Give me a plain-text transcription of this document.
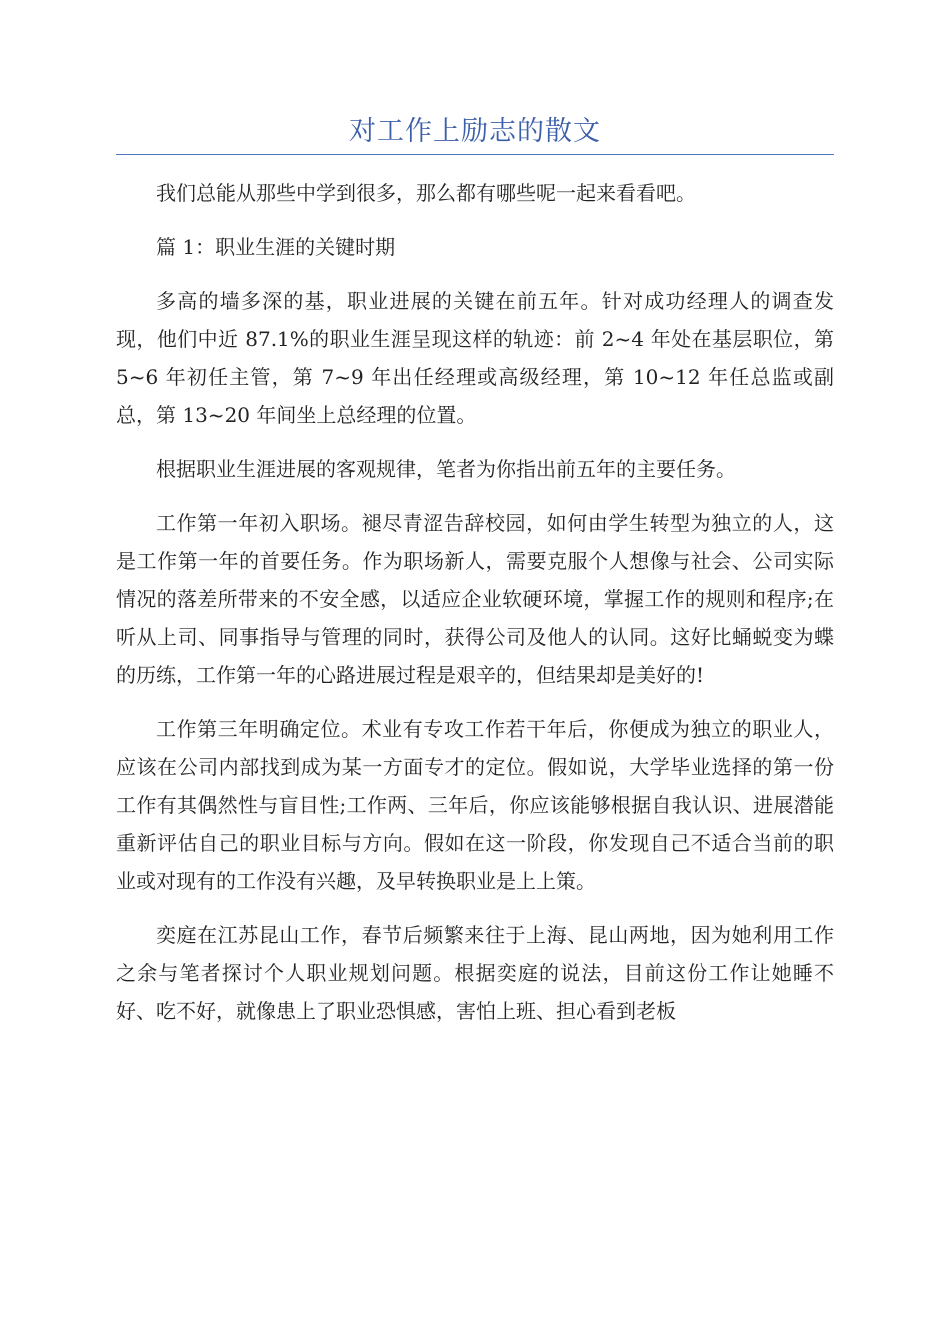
对工作上励志的散文

我们总能从那些中学到很多，那么都有哪些呢一起来看看吧。

篇 1：职业生涯的关键时期

多高的墙多深的基，职业进展的关键在前五年。针对成功经理人的调查发现，他们中近 87.1%的职业生涯呈现这样的轨迹：前 2~4 年处在基层职位，第 5~6 年初任主管，第 7~9 年出任经理或高级经理，第 10~12 年任总监或副总，第 13~20 年间坐上总经理的位置。

根据职业生涯进展的客观规律，笔者为你指出前五年的主要任务。

工作第一年初入职场。褪尽青涩告辞校园，如何由学生转型为独立的人，这是工作第一年的首要任务。作为职场新人，需要克服个人想像与社会、公司实际情况的落差所带来的不安全感，以适应企业软硬环境，掌握工作的规则和程序;在听从上司、同事指导与管理的同时，获得公司及他人的认同。这好比蛹蜕变为蝶的历练，工作第一年的心路进展过程是艰辛的，但结果却是美好的!

工作第三年明确定位。术业有专攻工作若干年后，你便成为独立的职业人，应该在公司内部找到成为某一方面专才的定位。假如说，大学毕业选择的第一份工作有其偶然性与盲目性;工作两、三年后，你应该能够根据自我认识、进展潜能重新评估自己的职业目标与方向。假如在这一阶段，你发现自己不适合当前的职业或对现有的工作没有兴趣，及早转换职业是上上策。

奕庭在江苏昆山工作，春节后频繁来往于上海、昆山两地，因为她利用工作之余与笔者探讨个人职业规划问题。根据奕庭的说法，目前这份工作让她睡不好、吃不好，就像患上了职业恐惧感，害怕上班、担心看到老板
